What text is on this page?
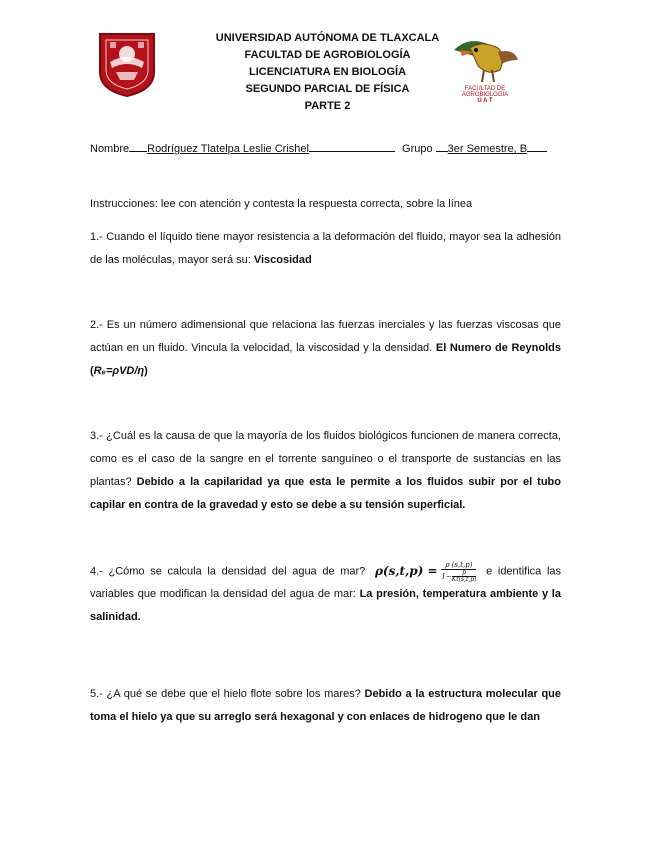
UNIVERSIDAD AUTÓNOMA DE TLAXCALA
FACULTAD DE AGROBIOLOGÍA
LICENCIATURA EN BIOLOGÍA
SEGUNDO PARCIAL DE FÍSICA
PARTE 2
FACULTAD DE
AGROBIOLOGIA
U A T
Nombre Rodríguez Tlatelpa Leslie Crishel	Grupo 3er Semestre, B
Instrucciones: lee con atención y contesta la respuesta correcta, sobre la línea
1.- Cuando el líquido tiene mayor resistencia a la deformación del fluido, mayor sea la adhesión de las moléculas, mayor será su: Viscosidad
2.- Es un número adimensional que relaciona las fuerzas inerciales y las fuerzas viscosas que actúan en un fluido. Vincula la velocidad, la viscosidad y la densidad. El Numero de Reynolds (Rₑ=ρVD/η)
3.- ¿Cuál es la causa de que la mayoría de los fluidos biológicos funcionen de manera correcta, como es el caso de la sangre en el torrente sanguíneo o el transporte de sustancias en las plantas? Debido a la capilaridad ya que esta le permite a los fluidos subir por el tubo capilar en contra de la gravedad y esto se debe a su tensión superficial.
4.- ¿Cómo se calcula la densidad del agua de mar? $\rho(s,t,p) = \frac{\rho (s,t,p)}{1- \frac{p}{Kt(s,t,p)}}$ e identifica las variables que modifican la densidad del agua de mar: La presión, temperatura ambiente y la salinidad.
5.- ¿A qué se debe que el hielo flote sobre los mares? Debido a la estructura molecular que toma el hielo ya que su arreglo será hexagonal y con enlaces de hidrogeno que le dan
